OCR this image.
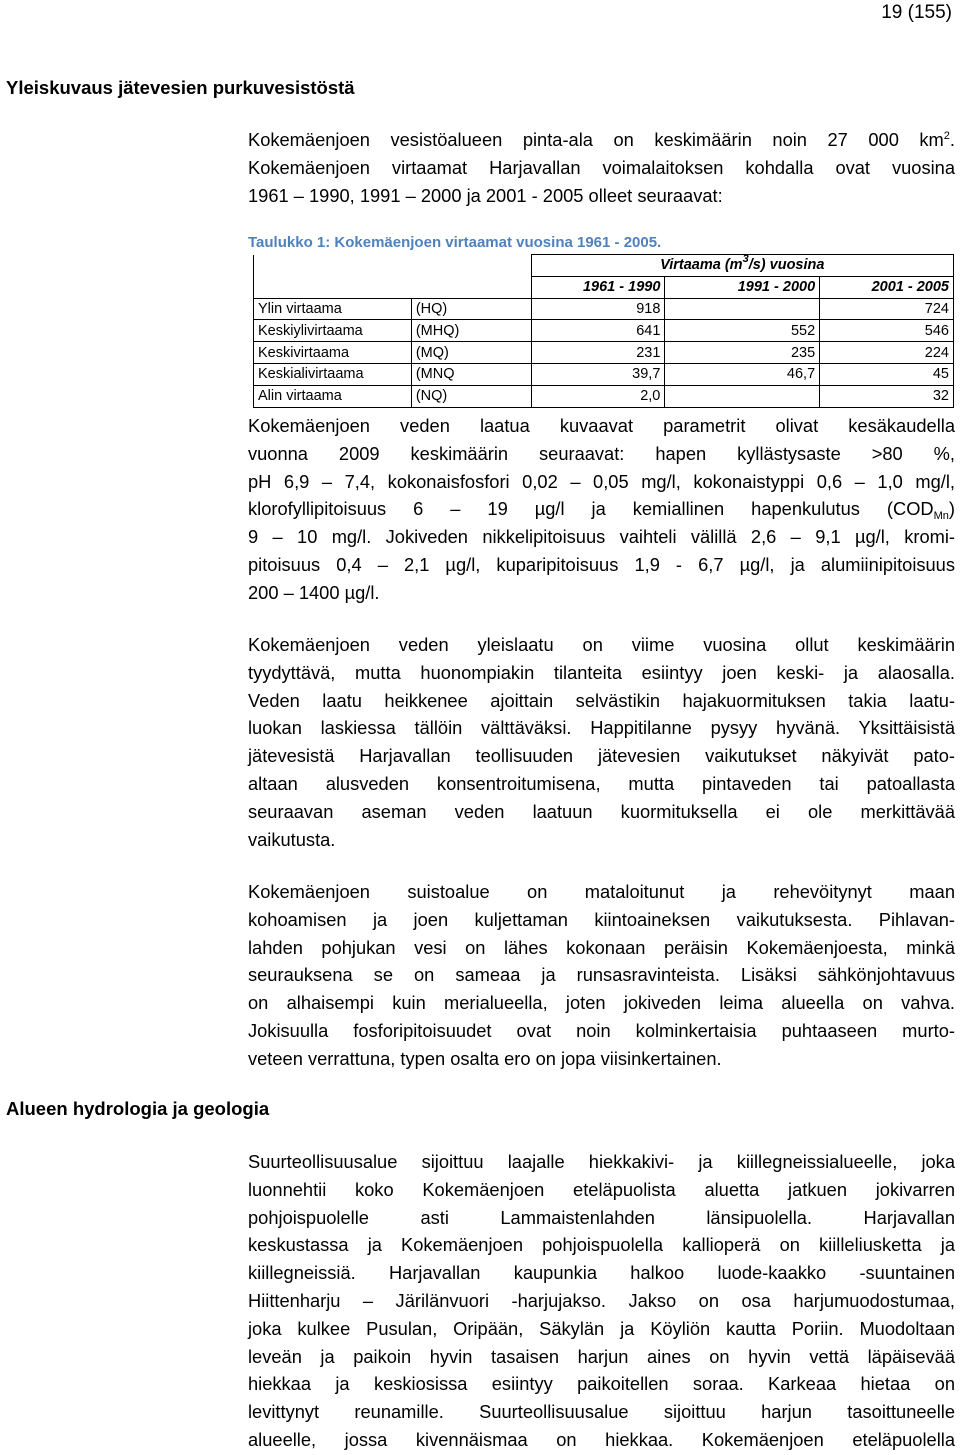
19 (155)
Yleiskuvaus jätevesien purkuvesistöstä
Kokemäenjoen vesistöalueen pinta-ala on keskimäärin noin 27 000 $km^2$.
Kokemäenjoen virtaamat Harjavallan voimalaitoksen kohdalla ovat vuosina
1961 – 1990, 1991 – 2000 ja 2001 - 2005 olleet seuraavat:
Taulukko 1: Kokemäenjoen virtaamat vuosina 1961 - 2005.
		Virtaama $(m^3/s)$ vuosina		
		1961 - 1990	1991 - 2000	2001 - 2005
Ylin virtaama	(HQ)	918		724
Keskiylivirtaama	(MHQ)	641	552	546
Keskivirtaama	(MQ)	231	235	224
Keskialivirtaama	(MNQ	39,7	46,7	45
Alin virtaama	(NQ)	2,0		32
Kokemäenjoen veden laatua kuvaavat parametrit olivat kesäkaudella
vuonna 2009 keskimäärin seuraavat: hapen kyllästysaste >80 %,
pH 6,9 – 7,4, kokonaisfosfori 0,02 – 0,05 mg/l, kokonaistyppi 0,6 – 1,0 mg/l,
klorofyllipitoisuus 6 – 19 µg/l ja kemiallinen hapenkulutus $(COD_{Mn})$
9 – 10 mg/l. Jokiveden nikkelipitoisuus vaihteli välillä 2,6 – 9,1 µg/l, kromi-
pitoisuus 0,4 – 2,1 µg/l, kuparipitoisuus 1,9 - 6,7 µg/l, ja alumiinipitoisuus
200 – 1400 µg/l.
Kokemäenjoen veden yleislaatu on viime vuosina ollut keskimäärin
tyydyttävä, mutta huonompiakin tilanteita esiintyy joen keski- ja alaosalla.
Veden laatu heikkenee ajoittain selvästikin hajakuormituksen takia laatu-
luokan laskiessa tällöin välttäväksi. Happitilanne pysyy hyvänä. Yksittäisistä
jätevesistä Harjavallan teollisuuden jätevesien vaikutukset näkyivät pato-
altaan alusveden konsentroitumisena, mutta pintaveden tai patoallasta
seuraavan aseman veden laatuun kuormituksella ei ole merkittävää
vaikutusta.
Kokemäenjoen suistoalue on mataloitunut ja rehevöitynyt maan
kohoamisen ja joen kuljettaman kiintoaineksen vaikutuksesta. Pihlavan-
lahden pohjukan vesi on lähes kokonaan peräisin Kokemäenjoesta, minkä
seurauksena se on sameaa ja runsasravinteista. Lisäksi sähkönjohtavuus
on alhaisempi kuin merialueella, joten jokiveden leima alueella on vahva.
Jokisuulla fosforipitoisuudet ovat noin kolminkertaisia puhtaaseen murto-
veteen verrattuna, typen osalta ero on jopa viisinkertainen.
Alueen hydrologia ja geologia
Suurteollisuusalue sijoittuu laajalle hiekkakivi- ja kiillegneissialueelle, joka
luonnehtii koko Kokemäenjoen eteläpuolista aluetta jatkuen jokivarren
pohjoispuolelle asti Lammaistenlahden länsipuolella. Harjavallan
keskustassa ja Kokemäenjoen pohjoispuolella kallioperä on kiilleliusketta ja
kiillegneissiä. Harjavallan kaupunkia halkoo luode-kaakko -suuntainen
Hiittenharju – Järilänvuori -harjujakso. Jakso on osa harjumuodostumaa,
joka kulkee Pusulan, Oripään, Säkylän ja Köyliön kautta Poriin. Muodoltaan
leveän ja paikoin hyvin tasaisen harjun aines on hyvin vettä läpäisevää
hiekkaa ja keskiosissa esiintyy paikoitellen soraa. Karkeaa hietaa on
levittynyt reunamille. Suurteollisuusalue sijoittuu harjun tasoittuneelle
alueelle, jossa kivennäismaa on hiekkaa. Kokemäenjoen eteläpuolella
